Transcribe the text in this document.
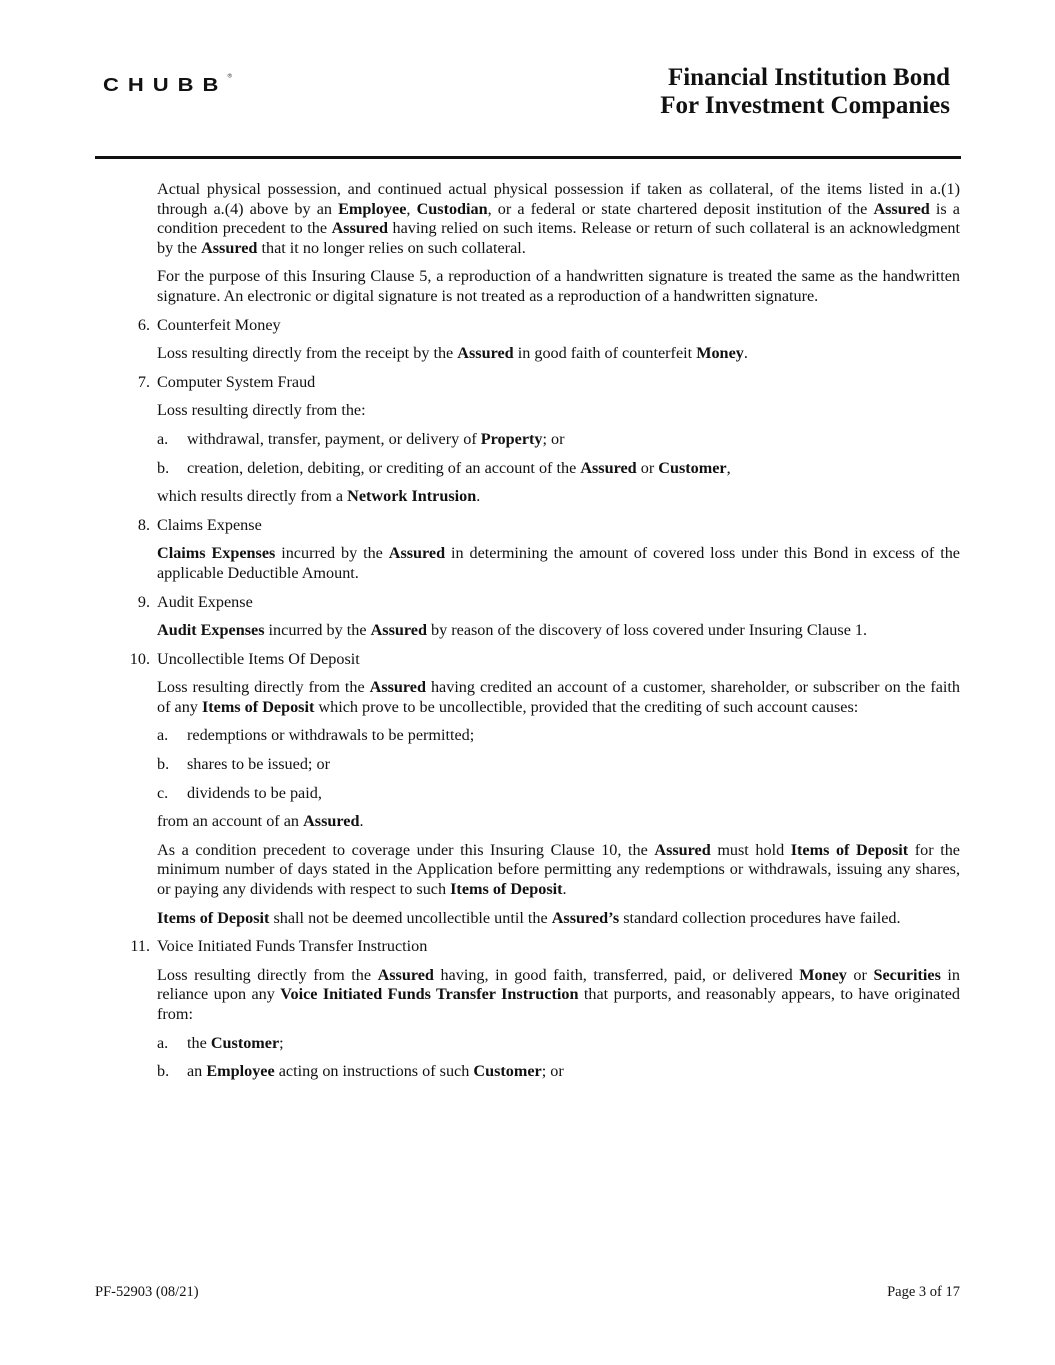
CHUBB®	Financial Institution Bond
For Investment Companies

Actual physical possession, and continued actual physical possession if taken as collateral, of the items listed in a.(1) through a.(4) above by an Employee, Custodian, or a federal or state chartered deposit institution of the Assured is a condition precedent to the Assured having relied on such items. Release or return of such collateral is an acknowledgment by the Assured that it no longer relies on such collateral.

For the purpose of this Insuring Clause 5, a reproduction of a handwritten signature is treated the same as the handwritten signature. An electronic or digital signature is not treated as a reproduction of a handwritten signature.

6. Counterfeit Money

Loss resulting directly from the receipt by the Assured in good faith of counterfeit Money.

7. Computer System Fraud

Loss resulting directly from the:

a. withdrawal, transfer, payment, or delivery of Property; or
b. creation, deletion, debiting, or crediting of an account of the Assured or Customer,

which results directly from a Network Intrusion.

8. Claims Expense

Claims Expenses incurred by the Assured in determining the amount of covered loss under this Bond in excess of the applicable Deductible Amount.

9. Audit Expense

Audit Expenses incurred by the Assured by reason of the discovery of loss covered under Insuring Clause 1.

10. Uncollectible Items Of Deposit

Loss resulting directly from the Assured having credited an account of a customer, shareholder, or subscriber on the faith of any Items of Deposit which prove to be uncollectible, provided that the crediting of such account causes:

a. redemptions or withdrawals to be permitted;
b. shares to be issued; or
c. dividends to be paid,

from an account of an Assured.

As a condition precedent to coverage under this Insuring Clause 10, the Assured must hold Items of Deposit for the minimum number of days stated in the Application before permitting any redemptions or withdrawals, issuing any shares, or paying any dividends with respect to such Items of Deposit.

Items of Deposit shall not be deemed uncollectible until the Assured’s standard collection procedures have failed.

11. Voice Initiated Funds Transfer Instruction

Loss resulting directly from the Assured having, in good faith, transferred, paid, or delivered Money or Securities in reliance upon any Voice Initiated Funds Transfer Instruction that purports, and reasonably appears, to have originated from:

a. the Customer;
b. an Employee acting on instructions of such Customer; or
PF-52903 (08/21)	Page 3 of 17
